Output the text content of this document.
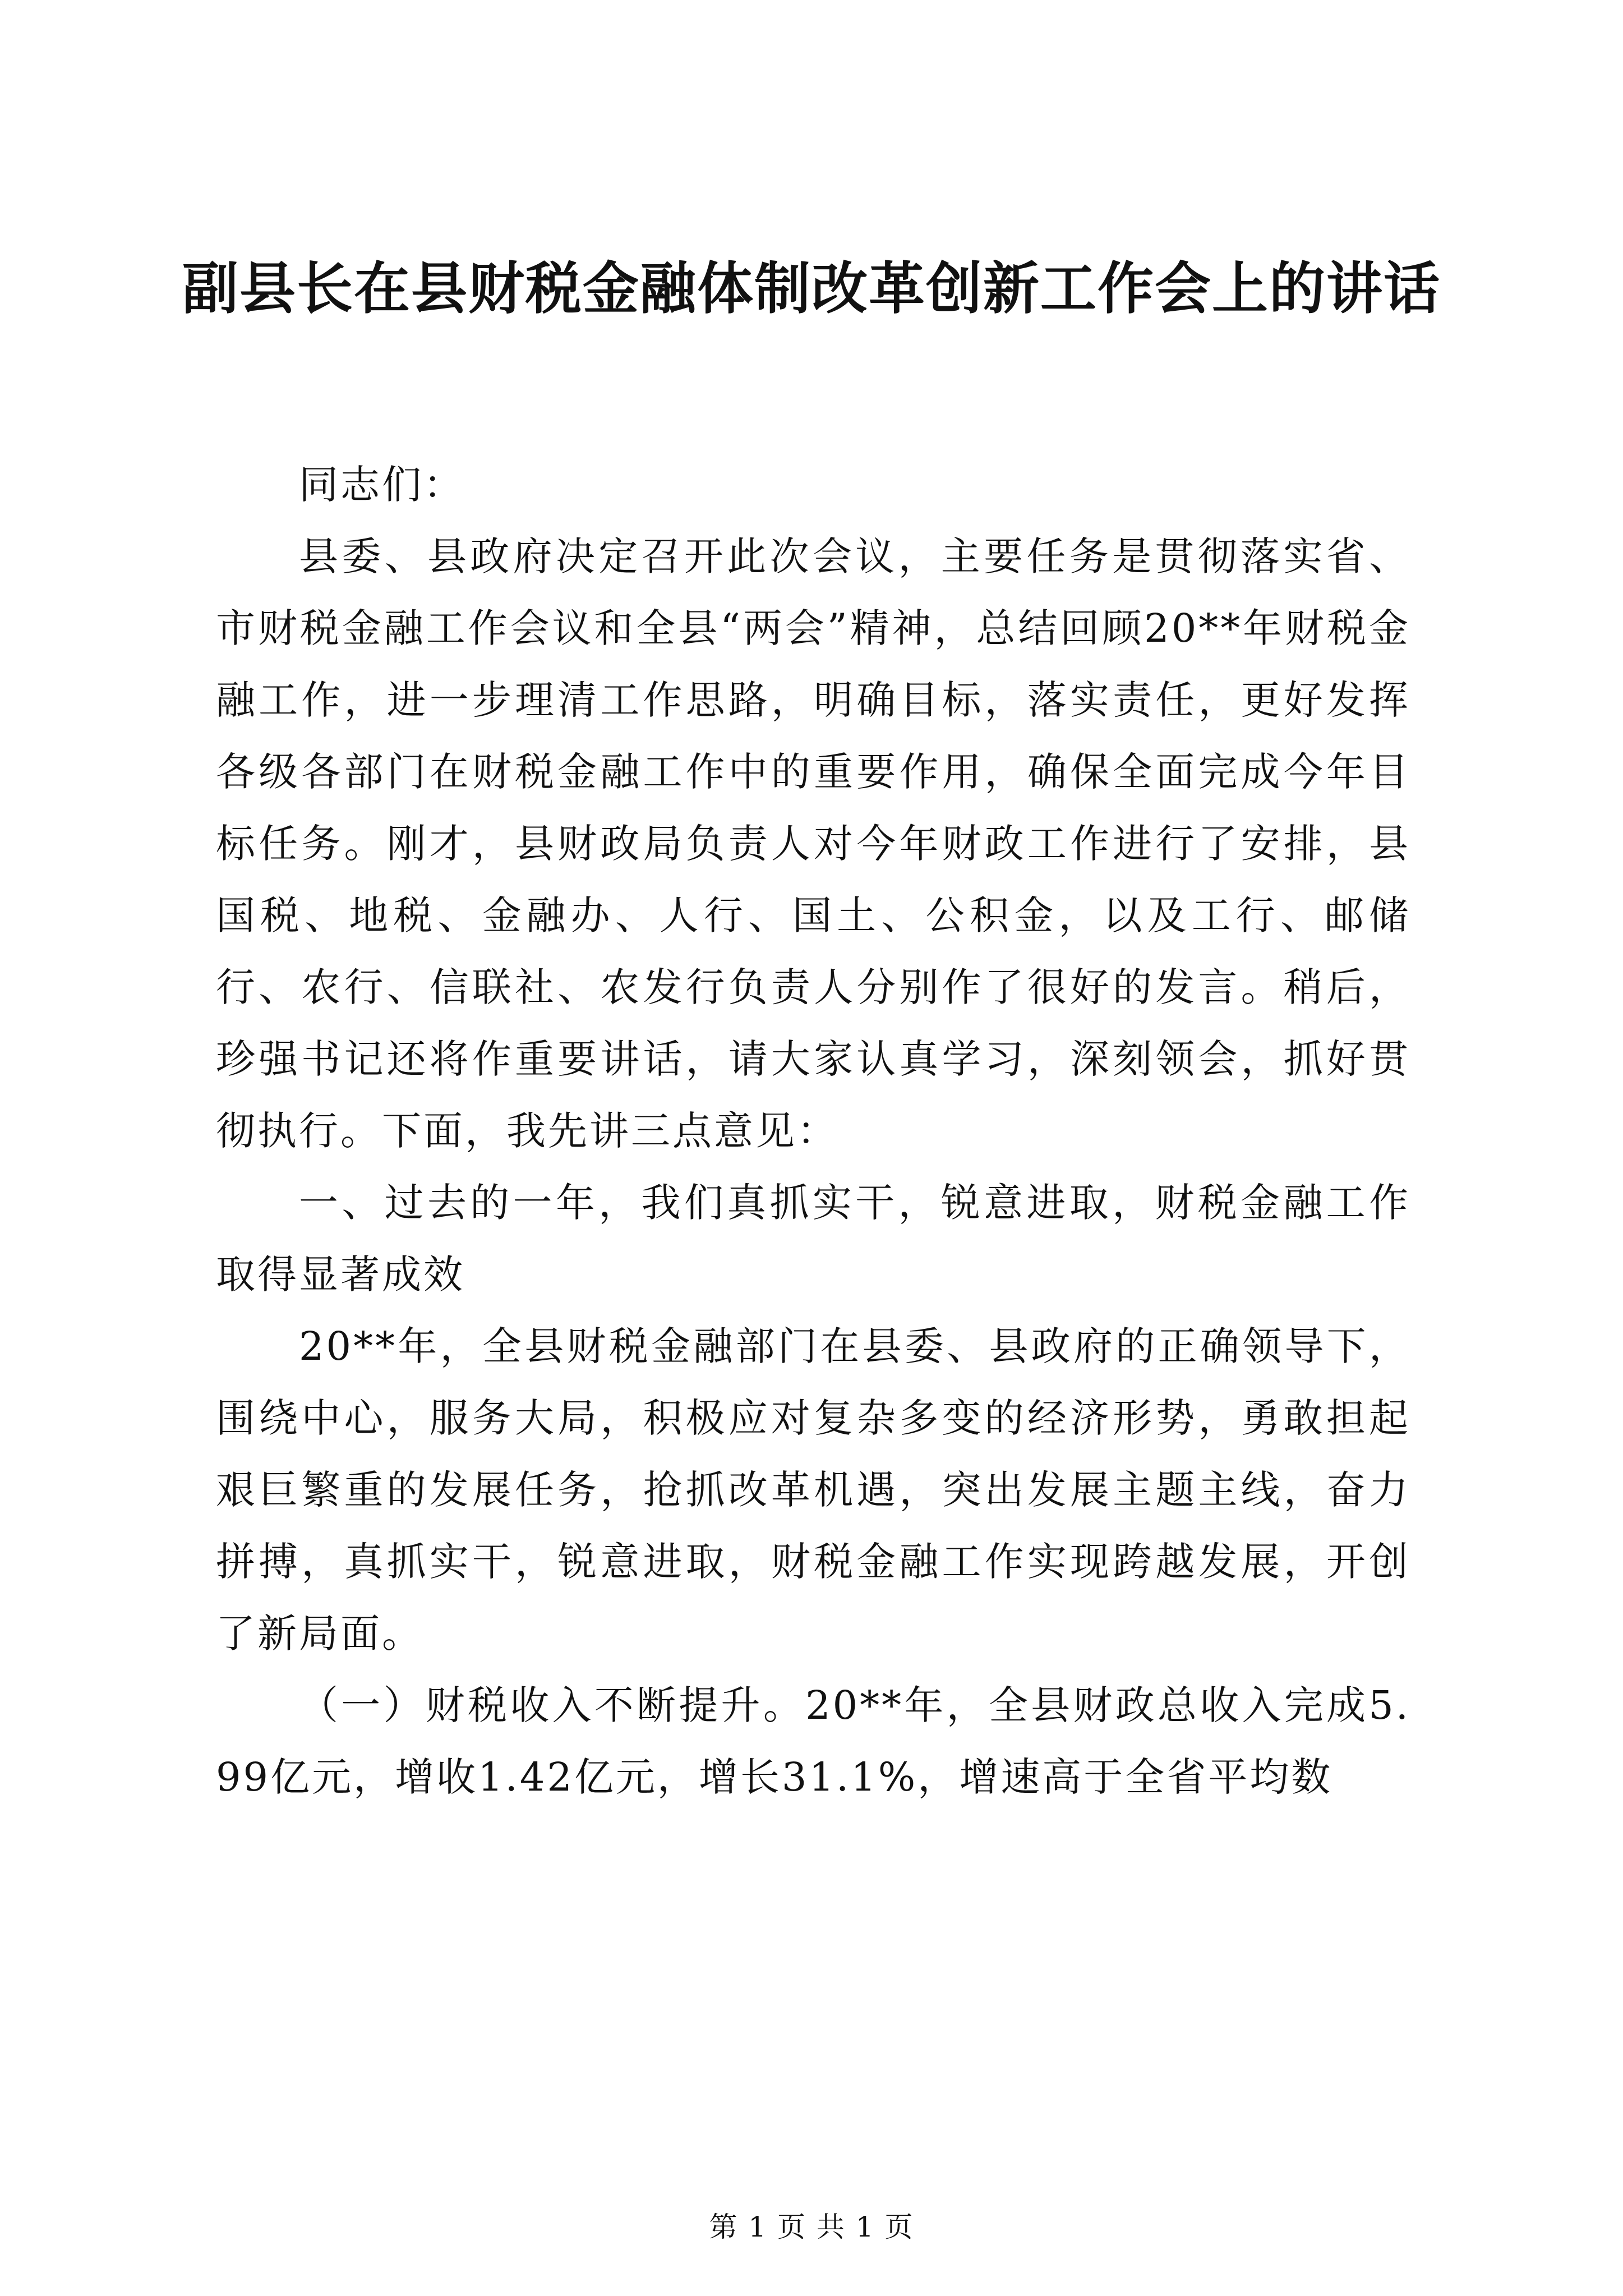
副县长在县财税金融体制改革创新工作会上的讲话

同志们：

县委、县政府决定召开此次会议，主要任务是贯彻落实省、市财税金融工作会议和全县“两会”精神，总结回顾20**年财税金融工作，进一步理清工作思路，明确目标，落实责任，更好发挥各级各部门在财税金融工作中的重要作用，确保全面完成今年目标任务。刚才，县财政局负责人对今年财政工作进行了安排，县国税、地税、金融办、人行、国土、公积金，以及工行、邮储行、农行、信联社、农发行负责人分别作了很好的发言。稍后，珍强书记还将作重要讲话，请大家认真学习，深刻领会，抓好贯彻执行。下面，我先讲三点意见：

一、过去的一年，我们真抓实干，锐意进取，财税金融工作取得显著成效

20**年，全县财税金融部门在县委、县政府的正确领导下，围绕中心，服务大局，积极应对复杂多变的经济形势，勇敢担起艰巨繁重的发展任务，抢抓改革机遇，突出发展主题主线，奋力拼搏，真抓实干，锐意进取，财税金融工作实现跨越发展，开创了新局面。

（一）财税收入不断提升。20**年，全县财政总收入完成5.99亿元，增收1.42亿元，增长31.1%，增速高于全省平均数

第 1 页 共 1 页
